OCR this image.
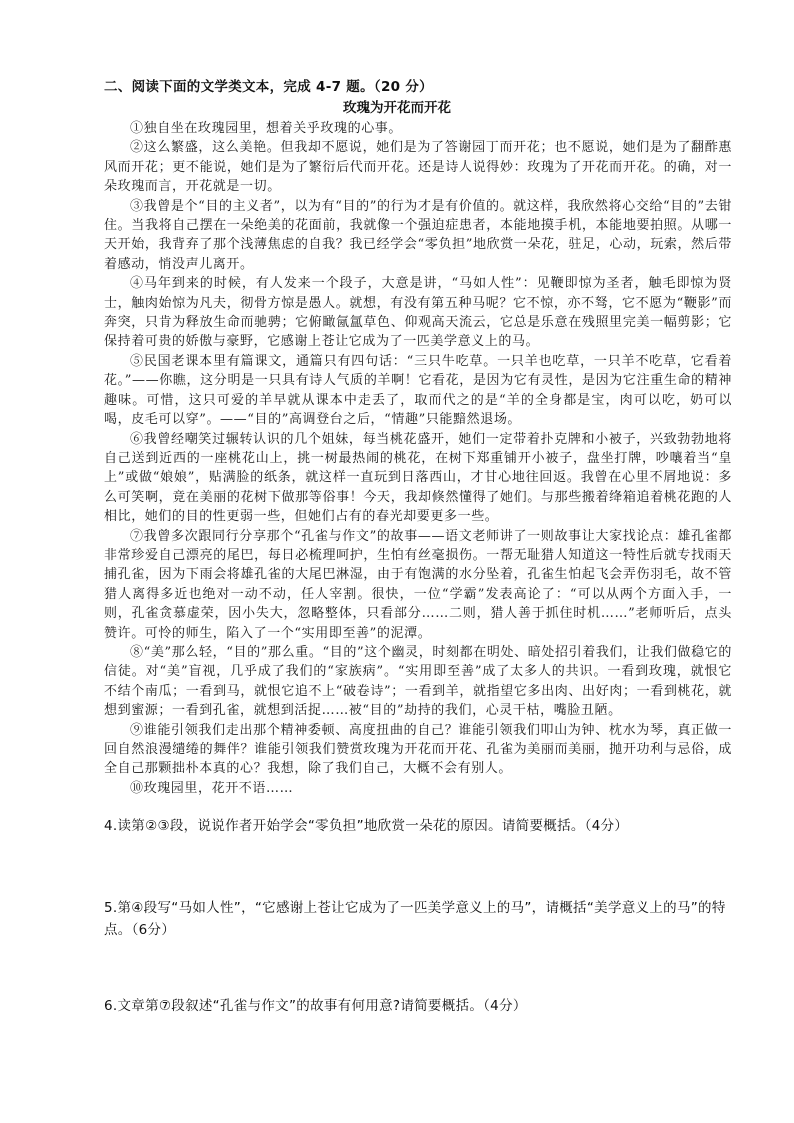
二、阅读下面的文学类文本，完成 4-7 题。（20 分）
玫瑰为开花而开花

①独自坐在玫瑰园里，想着关乎玫瑰的心事。

②这么繁盛，这么美艳。但我却不愿说，她们是为了答谢园丁而开花；也不愿说，她们是为了翻酢惠风而开花；更不能说，她们是为了繁衍后代而开花。还是诗人说得妙：玫瑰为了开花而开花。的确，对一朵玫瑰而言，开花就是一切。

③我曾是个“目的主义者”，以为有“目的”的行为才是有价值的。就这样，我欣然将心交给“目的”去钳住。当我将自己摆在一朵绝美的花面前，我就像一个强迫症患者，本能地摸手机，本能地要拍照。从哪一天开始，我背弃了那个浅薄焦虑的自我？我已经学会“零负担”地欣赏一朵花，驻足，心动，玩索，然后带着感动，悄没声儿离开。

④马年到来的时候，有人发来一个段子，大意是讲，“马如人性”：见鞭即惊为圣者，触毛即惊为贤士，触肉始惊为凡夫，彻骨方惊是愚人。就想，有没有第五种马呢？它不惊，亦不驽，它不愿为“鞭影”而奔突，只肯为释放生命而驰骋；它俯瞰氤氲草色、仰观高天流云，它总是乐意在残照里完美一幅剪影；它保持着可贵的娇傲与豪野，它感谢上苍让它成为了一匹美学意义上的马。

⑤民国老课本里有篇课文，通篇只有四句话：“三只牛吃草。一只羊也吃草，一只羊不吃草，它看着花。”——你瞧，这分明是一只具有诗人气质的羊啊！它看花，是因为它有灵性，是因为它注重生命的精神趣味。可惜，这只可爱的羊早就从课本中走丢了，取而代之的是“羊的全身都是宝，肉可以吃，奶可以喝，皮毛可以穿”。——“目的”高调登台之后，“情趣”只能黯然退场。

⑥我曾经嘲笑过辗转认识的几个姐妹，每当桃花盛开，她们一定带着扑克牌和小被子，兴致勃勃地将自己送到近西的一座桃花山上，挑一树最热闹的桃花，在树下郑重铺开小被子，盘坐打牌，吵嚷着当“皇上”或做“娘娘”，贴满脸的纸条，就这样一直玩到日落西山，才甘心地往回返。我曾在心里不屑地说：多么可笑啊，竟在美丽的花树下做那等俗事！今天，我却倏然懂得了她们。与那些搬着绛箱追着桃花跑的人相比，她们的目的性更弱一些，但她们占有的春光却要更多一些。

⑦我曾多次跟同行分享那个“孔雀与作文”的故事——语文老师讲了一则故事让大家找论点：雄孔雀都非常珍爱自己漂亮的尾巴，每日必梳理呵护，生怕有丝毫损伤。一帮无耻猎人知道这一特性后就专找雨天捕孔雀，因为下雨会将雄孔雀的大尾巴淋湿，由于有饱满的水分坠着，孔雀生怕起飞会弄伤羽毛，故不管猎人离得多近也绝对一动不动，任人宰割。很快，一位“学霸”发表高论了：“可以从两个方面入手，一则，孔雀贪慕虚荣，因小失大，忽略整体，只看部分……二则，猎人善于抓住时机……”老师听后，点头赞许。可怜的师生，陷入了一个“实用即至善”的泥潭。

⑧“美”那么轻，“目的”那么重。“目的”这个幽灵，时刻都在明处、暗处招引着我们，让我们做稳它的信徒。对“美”盲视，几乎成了我们的“家族病”。“实用即至善”成了太多人的共识。一看到玫瑰，就恨它不结个南瓜；一看到马，就恨它追不上“破卷诗”；一看到羊，就指望它多出肉、出好肉；一看到桃花，就想到蜜源；一看到孔雀，就想到活捉……被“目的”劫持的我们，心灵干枯，嘴脸丑陋。

⑨谁能引领我们走出那个精神委顿、高度扭曲的自己？谁能引领我们叩山为钟、枕水为琴，真正做一回自然浪漫缱绻的舞伴？谁能引领我们赞赏玫瑰为开花而开花、孔雀为美丽而美丽，抛开功利与忌俗，成全自己那颗拙朴本真的心？我想，除了我们自己，大概不会有别人。

⑩玫瑰园里，花开不语……

4.读第②③段，说说作者开始学会“零负担”地欣赏一朵花的原因。请简要概括。（4分）
5.第④段写“马如人性”，“它感谢上苍让它成为了一匹美学意义上的马”，请概括“美学意义上的马”的特点。（6分）
6.文章第⑦段叙述“孔雀与作文”的故事有何用意?请简要概括。（4分）
